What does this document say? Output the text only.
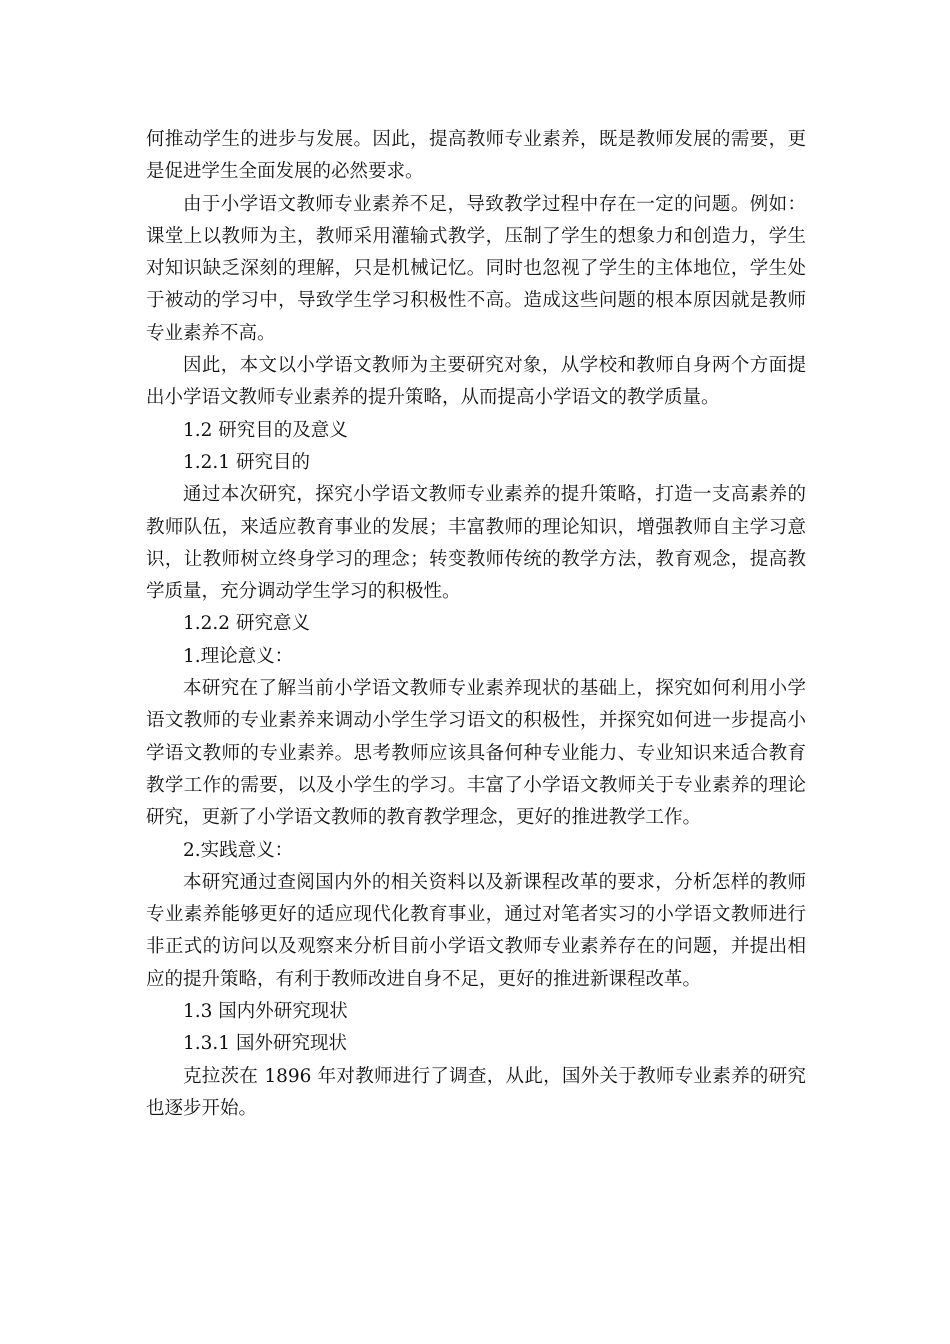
何推动学生的进步与发展。因此，提高教师专业素养，既是教师发展的需要，更是促进学生全面发展的必然要求。

由于小学语文教师专业素养不足，导致教学过程中存在一定的问题。例如：课堂上以教师为主，教师采用灌输式教学，压制了学生的想象力和创造力，学生对知识缺乏深刻的理解，只是机械记忆。同时也忽视了学生的主体地位，学生处于被动的学习中，导致学生学习积极性不高。造成这些问题的根本原因就是教师专业素养不高。

因此，本文以小学语文教师为主要研究对象，从学校和教师自身两个方面提出小学语文教师专业素养的提升策略，从而提高小学语文的教学质量。

1.2 研究目的及意义

1.2.1 研究目的

通过本次研究，探究小学语文教师专业素养的提升策略，打造一支高素养的教师队伍，来适应教育事业的发展；丰富教师的理论知识，增强教师自主学习意识，让教师树立终身学习的理念；转变教师传统的教学方法，教育观念，提高教学质量，充分调动学生学习的积极性。

1.2.2 研究意义

1.理论意义：

本研究在了解当前小学语文教师专业素养现状的基础上，探究如何利用小学语文教师的专业素养来调动小学生学习语文的积极性，并探究如何进一步提高小学语文教师的专业素养。思考教师应该具备何种专业能力、专业知识来适合教育教学工作的需要，以及小学生的学习。丰富了小学语文教师关于专业素养的理论研究，更新了小学语文教师的教育教学理念，更好的推进教学工作。

2.实践意义：

本研究通过查阅国内外的相关资料以及新课程改革的要求，分析怎样的教师专业素养能够更好的适应现代化教育事业，通过对笔者实习的小学语文教师进行非正式的访问以及观察来分析目前小学语文教师专业素养存在的问题，并提出相应的提升策略，有利于教师改进自身不足，更好的推进新课程改革。

1.3 国内外研究现状

1.3.1 国外研究现状

克拉茨在 1896 年对教师进行了调查，从此，国外关于教师专业素养的研究也逐步开始。
